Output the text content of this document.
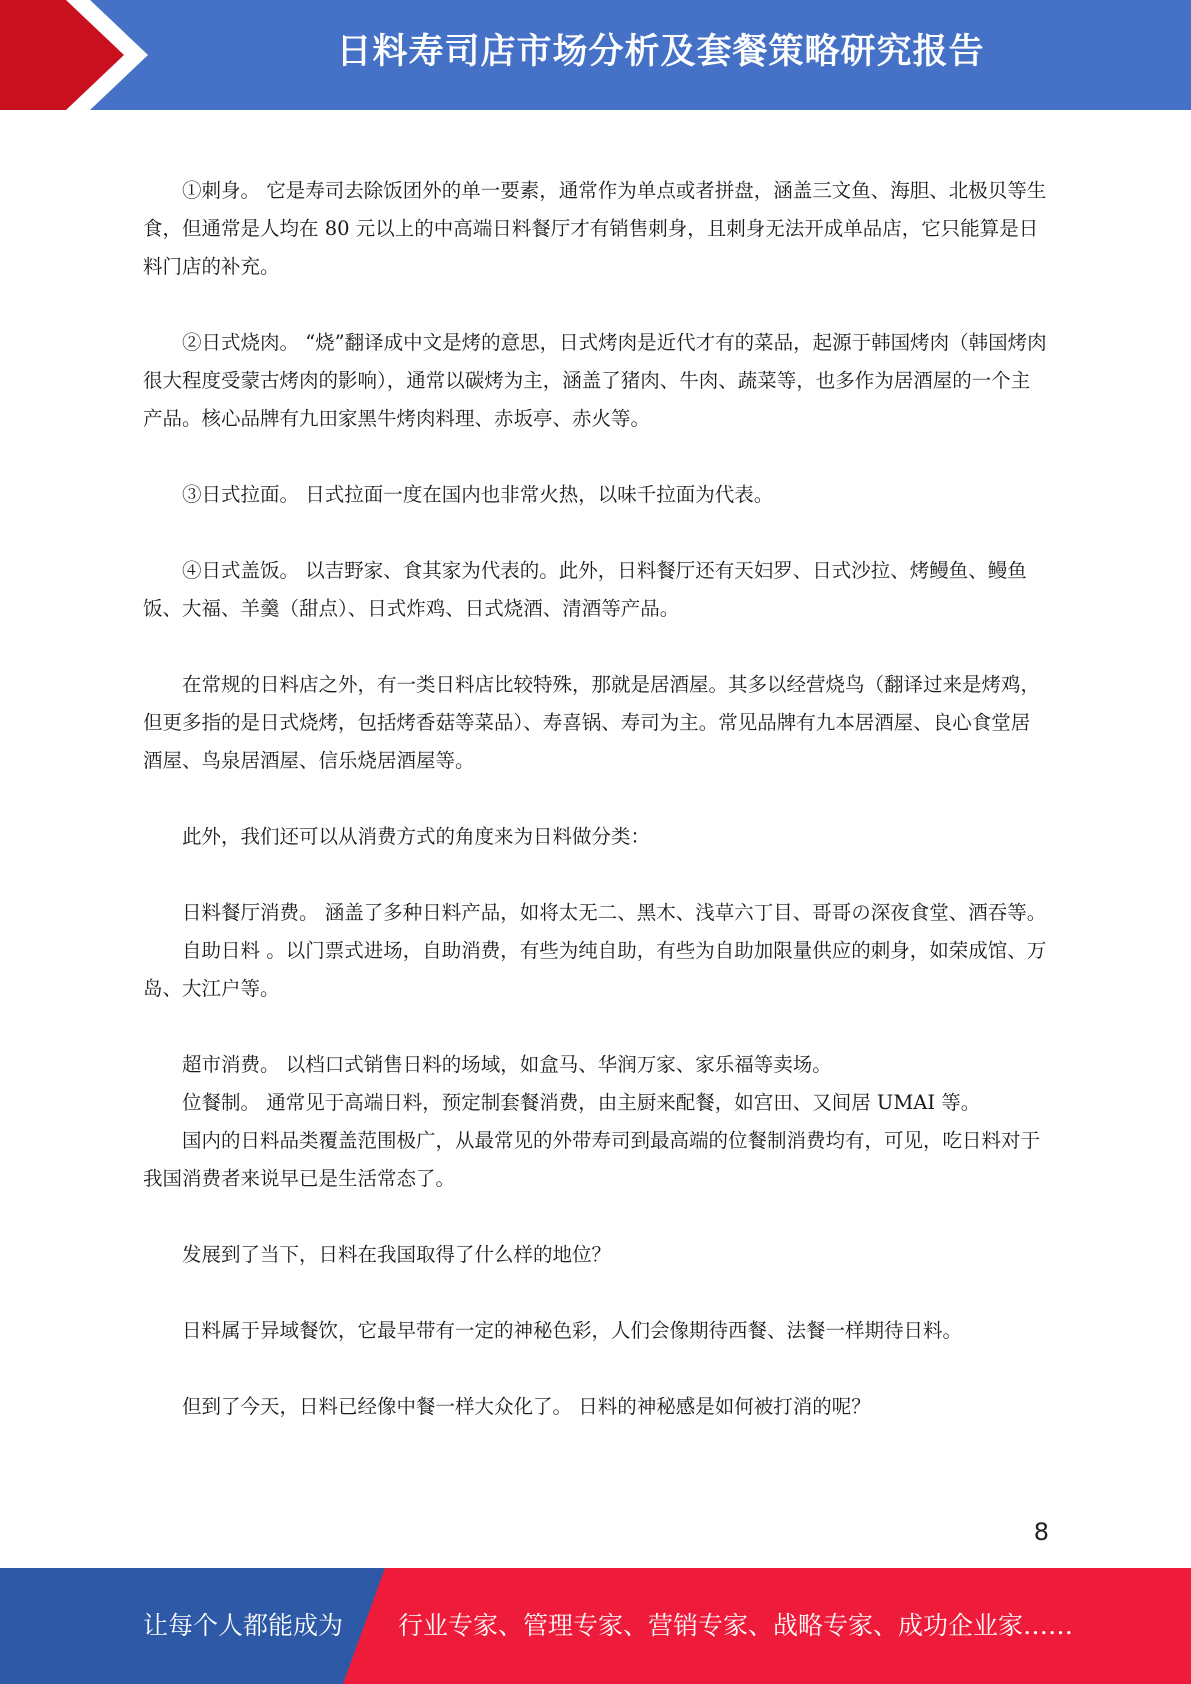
日料寿司店市场分析及套餐策略研究报告

①刺身。 它是寿司去除饭团外的单一要素，通常作为单点或者拼盘，涵盖三文鱼、海胆、北极贝等生食，但通常是人均在 80 元以上的中高端日料餐厅才有销售刺身，且刺身无法开成单品店，它只能算是日料门店的补充。

②日式烧肉。 “烧”翻译成中文是烤的意思，日式烤肉是近代才有的菜品，起源于韩国烤肉（韩国烤肉很大程度受蒙古烤肉的影响），通常以碳烤为主，涵盖了猪肉、牛肉、蔬菜等，也多作为居酒屋的一个主产品。核心品牌有九田家黑牛烤肉料理、赤坂亭、赤火等。

③日式拉面。 日式拉面一度在国内也非常火热，以味千拉面为代表。

④日式盖饭。 以吉野家、食其家为代表的。此外，日料餐厅还有天妇罗、日式沙拉、烤鳗鱼、鳗鱼饭、大福、羊羹（甜点）、日式炸鸡、日式烧酒、清酒等产品。

在常规的日料店之外，有一类日料店比较特殊，那就是居酒屋。其多以经营烧鸟（翻译过来是烤鸡，但更多指的是日式烧烤，包括烤香菇等菜品）、寿喜锅、寿司为主。常见品牌有九本居酒屋、良心食堂居酒屋、鸟泉居酒屋、信乐烧居酒屋等。

此外，我们还可以从消费方式的角度来为日料做分类：

日料餐厅消费。 涵盖了多种日料产品，如将太无二、黑木、浅草六丁目、哥哥の深夜食堂、酒吞等。

自助日料 。以门票式进场，自助消费，有些为纯自助，有些为自助加限量供应的刺身，如荣成馆、万岛、大江户等。

超市消费。 以档口式销售日料的场域，如盒马、华润万家、家乐福等卖场。

位餐制。 通常见于高端日料，预定制套餐消费，由主厨来配餐，如宫田、又间居 UMAI 等。

国内的日料品类覆盖范围极广，从最常见的外带寿司到最高端的位餐制消费均有，可见，吃日料对于我国消费者来说早已是生活常态了。

发展到了当下，日料在我国取得了什么样的地位？

日料属于异域餐饮，它最早带有一定的神秘色彩，人们会像期待西餐、法餐一样期待日料。

但到了今天，日料已经像中餐一样大众化了。 日料的神秘感是如何被打消的呢？

8
让每个人都能成为 行业专家、管理专家、营销专家、战略专家、成功企业家……
